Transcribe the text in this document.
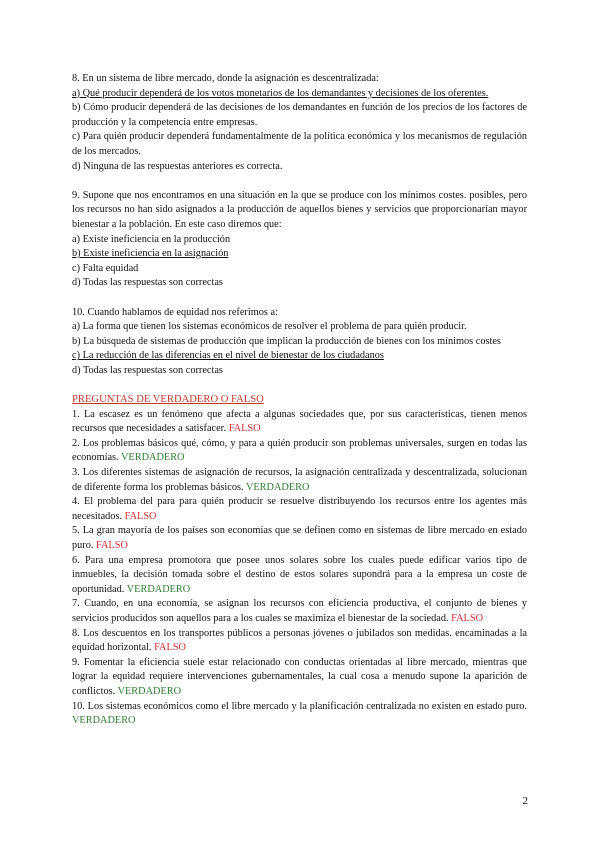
8. En un sistema de libre mercado, donde la asignación es descentralizada:
a) Qué producir dependerá de los votos monetarios de los demandantes y decisiones de los oferentes.
b) Cómo producir dependerá de las decisiones de los demandantes en función de los precios de los factores de producción y la competencia entre empresas.
c) Para quién producir dependerá fundamentalmente de la política económica y los mecanismos de regulación de los mercados.
d) Ninguna de las respuestas anteriores es correcta.
9. Supone que nos encontramos en una situación en la que se produce con los mínimos costes. posibles, pero los recursos no han sido asignados a la producción de aquellos bienes y servicios que proporcionarían mayor bienestar a la población. En este caso diremos que:
a) Existe ineficiencia en la producción
b) Existe ineficiencia en la asignación
c) Falta equidad
d) Todas las respuestas son correctas
10. Cuando hablamos de equidad nos referimos a:
a) La forma que tienen los sistemas económicos de resolver el problema de para quién producir.
b) La búsqueda de sistemas de producción que implican la producción de bienes con los mínimos costes
c) La reducción de las diferencias en el nivel de bienestar de los ciudadanos
d) Todas las respuestas son correctas
PREGUNTAS DE VERDADERO O FALSO
1. La escasez es un fenómeno que afecta a algunas sociedades que, por sus características, tienen menos recursos que necesidades a satisfacer. FALSO
2. Los problemas básicos qué, cómo, y para a quién producir son problemas universales, surgen en todas las economías. VERDADERO
3. Los diferentes sistemas de asignación de recursos, la asignación centralizada y descentralizada, solucionan de diferente forma los problemas básicos. VERDADERO
4. El problema del para para quién producir se resuelve distribuyendo los recursos entre los agentes más necesitados. FALSO
5. La gran mayoría de los países son economías que se definen como en sistemas de libre mercado en estado puro. FALSO
6. Para una empresa promotora que posee unos solares sobre los cuales puede edificar varios tipo de inmuebles, la decisión tomada sobre el destino de estos solares supondrá para a la empresa un coste de oportunidad. VERDADERO
7. Cuando, en una economía, se asignan los recursos con eficiencia productiva, el conjunto de bienes y servicios producidos son aquellos para a los cuales se maximiza el bienestar de la sociedad. FALSO
8. Los descuentos en los transportes públicos a personas jóvenes o jubilados son medidas. encaminadas a la equidad horizontal. FALSO
9. Fomentar la eficiencia suele estar relacionado con conductas orientadas al libre mercado, mientras que lograr la equidad requiere intervenciones gubernamentales, la cual cosa a menudo supone la aparición de conflictos. VERDADERO
10. Los sistemas económicos como el libre mercado y la planificación centralizada no existen en estado puro. VERDADERO
2
